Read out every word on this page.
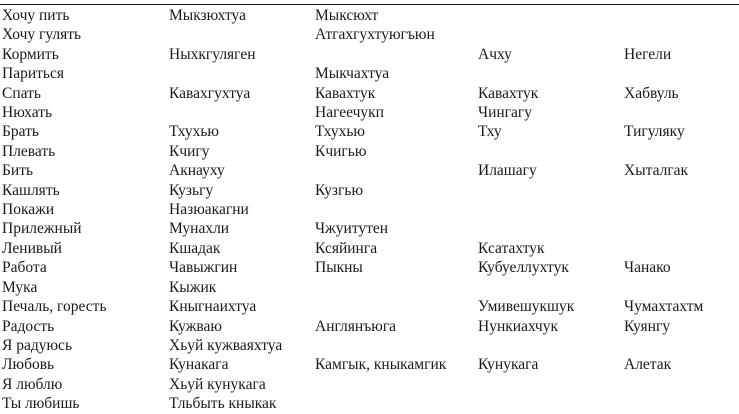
Хочу пить	Мыкзюхтуа	Мыксюхт		
Хочу гулять		Атгахгухтуюгъюн		
Кормить	Ныхкгуляген		Ачху	Негели
Париться		Мыкчахтуа		
Спать	Кавахгухтуа	Кавахтук	Кавахтук	Хабвуль
Нюхать		Нагеечукп	Чингагу	
Брать	Тхухью	Тхухью	Тху	Тигуляку
Плевать	Кчигу	Кчигью		
Бить	Акнауху		Илашагу	Хыталгак
Кашлять	Кузьгу	Кузгью		
Покажи	Назюакагни			
Прилежный	Мунахли	Чжуитутен		
Ленивый	Кшадак	Ксяйинга	Ксатахтук	
Работа	Чавыжгин	Пыкны	Кубуеллухтук	Чанако
Мука	Кыжик			
Печаль, горесть	Кныгнаихтуа		Умивешукшук	Чумахтахтм
Радость	Кужваю	Англянъюга	Нункиахчук	Куянгу
Я радуюсь	Хьуй кужваяхтуа			
Любовь	Кунакага	Камгык, кныкамгик	Кунукага	Алетак
Я люблю	Хьуй кунукага			
Ты любишь	Тльбыть кныкак			
